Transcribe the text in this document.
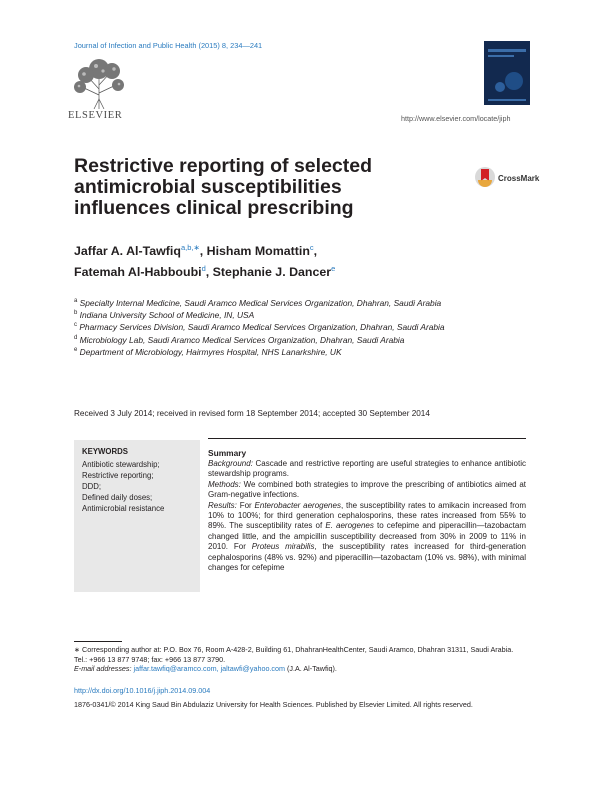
Journal of Infection and Public Health (2015) 8, 234—241
ELSEVIER	http://www.elsevier.com/locate/jiph
Restrictive reporting of selected antimicrobial susceptibilities influences clinical prescribing
CrossMark
Jaffar A. Al-Tawfiq$^{a,b,∗}$, Hisham Momattin$^c$,
Fatemah Al-Habboubi$^d$, Stephanie J. Dancer$^e$

$^a$ Specialty Internal Medicine, Saudi Aramco Medical Services Organization, Dhahran, Saudi Arabia

$^b$ Indiana University School of Medicine, IN, USA

$^c$ Pharmacy Services Division, Saudi Aramco Medical Services Organization, Dhahran, Saudi Arabia

$^d$ Microbiology Lab, Saudi Aramco Medical Services Organization, Dhahran, Saudi Arabia

$^e$ Department of Microbiology, Hairmyres Hospital, NHS Lanarkshire, UK

Received 3 July 2014; received in revised form 18 September 2014; accepted 30 September 2014
KEYWORDS
Antibiotic stewardship;
Restrictive reporting;
DDD;
Defined daily doses;
Antimicrobial resistance
Summary

Background: Cascade and restrictive reporting are useful strategies to enhance antibiotic stewardship programs.

Methods: We combined both strategies to improve the prescribing of antibiotics aimed at Gram-negative infections.

Results: For Enterobacter aerogenes, the susceptibility rates to amikacin increased from 10% to 100%; for third generation cephalosporins, these rates increased from 55% to 89%. The susceptibility rates of E. aerogenes to cefepime and piperacillin—tazobactam changed little, and the ampicillin susceptibility decreased from 30% in 2009 to 11% in 2010. For Proteus mirabilis, the susceptibility rates increased for third-generation cephalosporins (48% vs. 92%) and piperacillin—tazobactam (10% vs. 98%), with minimal changes for cefepime

∗ Corresponding author at: P.O. Box 76, Room A-428-2, Building 61, DhahranHealthCenter, Saudi Aramco, Dhahran 31311, Saudi Arabia. Tel.: +966 13 877 9748; fax: +966 13 877 3790.
E-mail addresses: jaffar.tawfiq@aramco.com, jaltawfi@yahoo.com (J.A. Al-Tawfiq).
http://dx.doi.org/10.1016/j.jiph.2014.09.004
1876-0341/© 2014 King Saud Bin Abdulaziz University for Health Sciences. Published by Elsevier Limited. All rights reserved.
